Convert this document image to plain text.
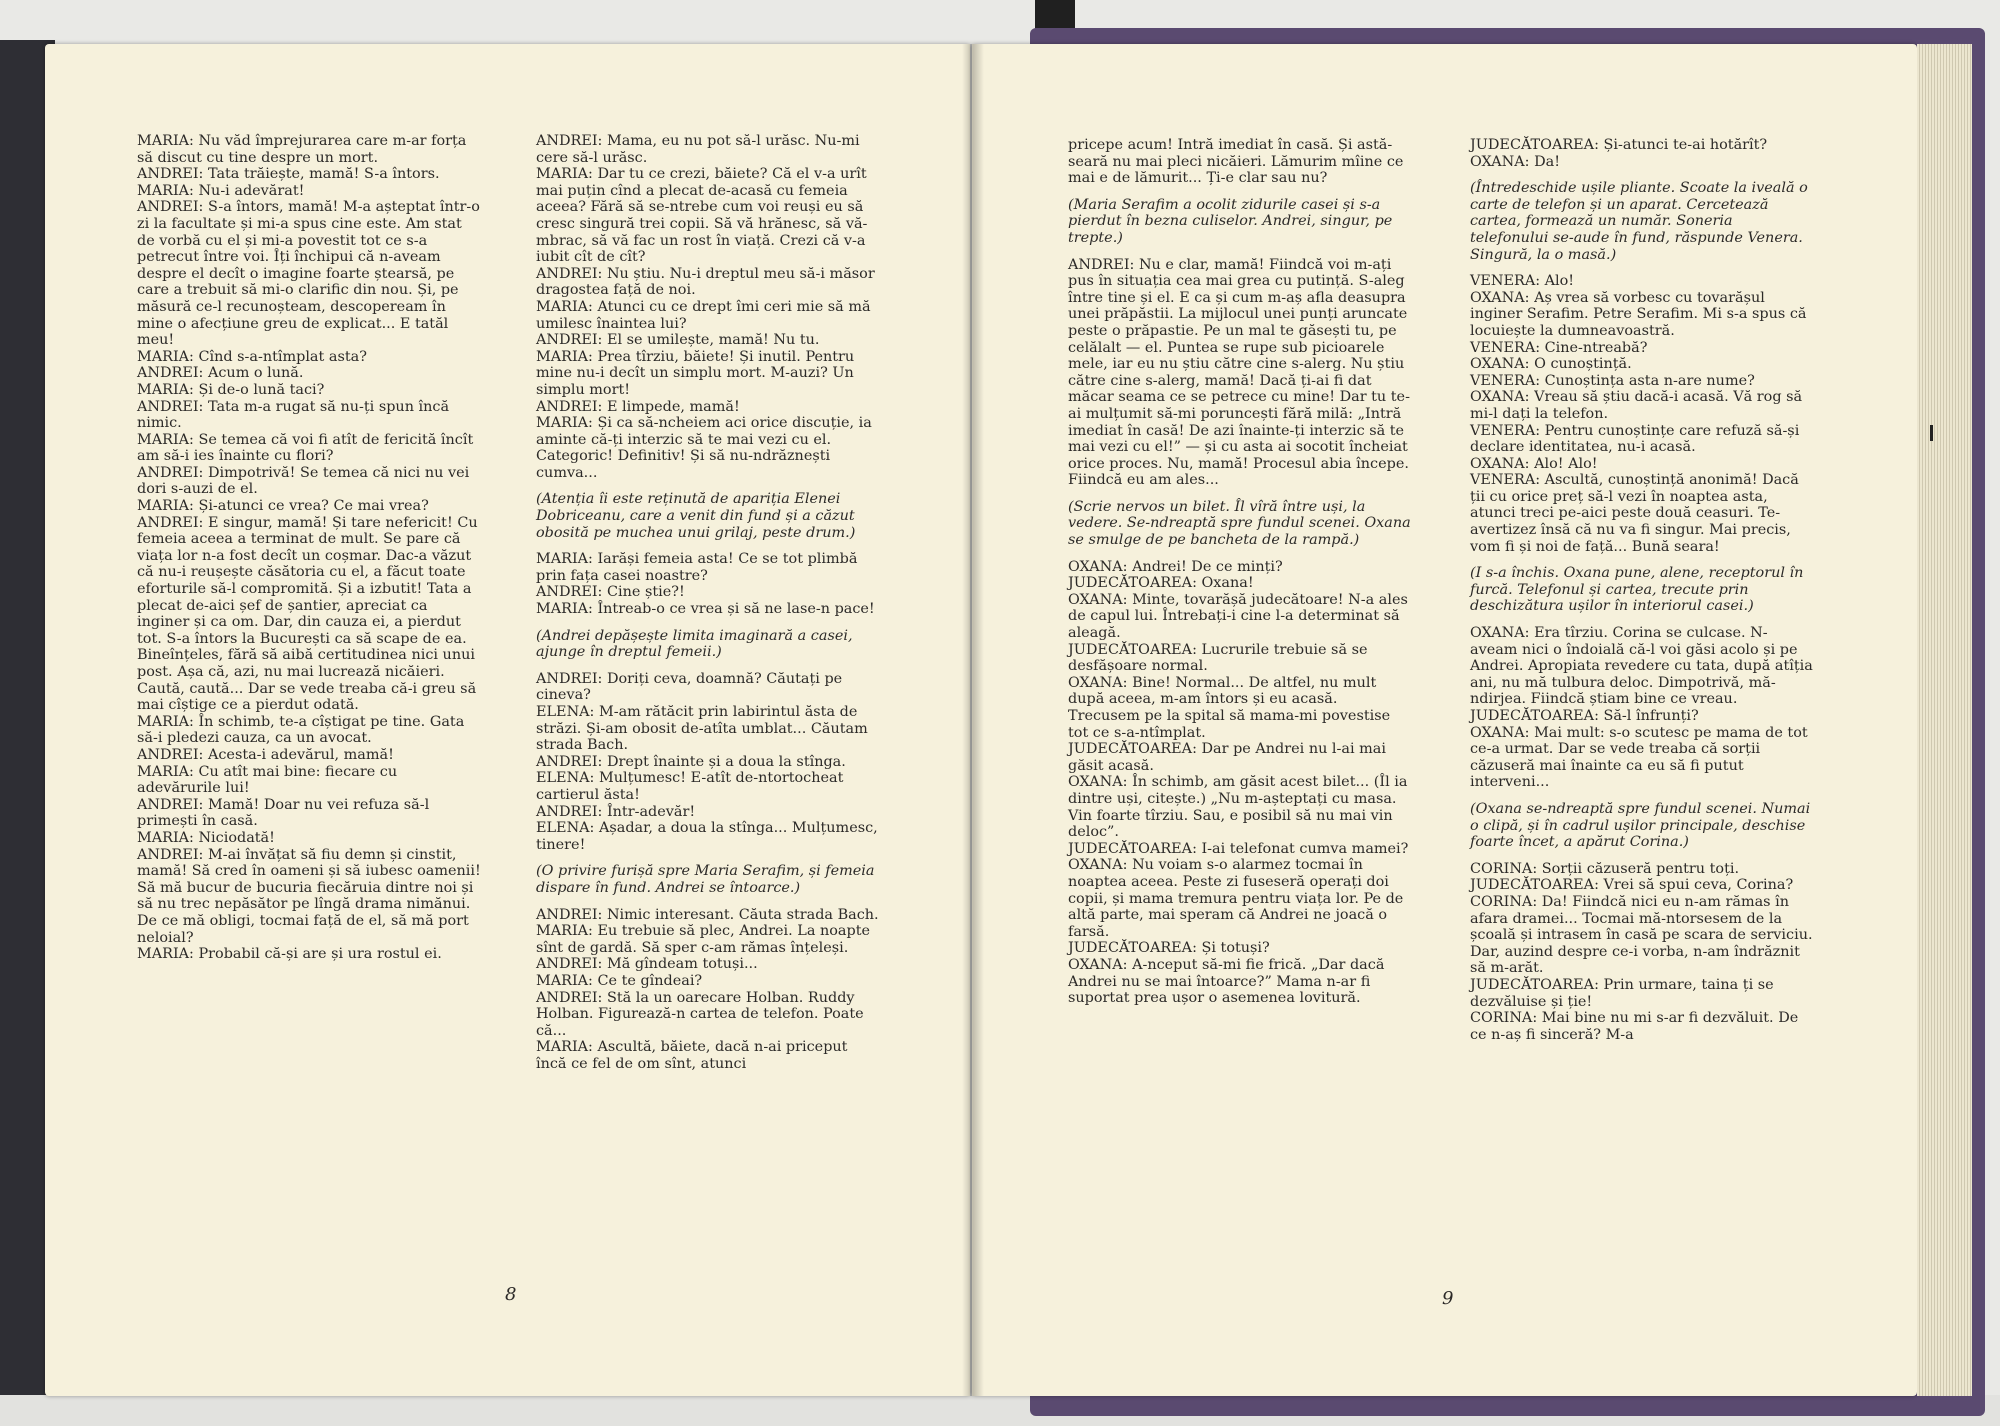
MARIA: Nu văd împrejurarea care m-ar forța să discut cu tine despre un mort.

ANDREI: Tata trăiește, mamă! S-a întors.

MARIA: Nu-i adevărat!

ANDREI: S-a întors, mamă! M-a așteptat într-o zi la facultate și mi-a spus cine este. Am stat de vorbă cu el și mi-a povestit tot ce s-a petrecut între voi. Îți închipui că n-aveam despre el decît o imagine foarte ștearsă, pe care a trebuit să mi-o clarific din nou. Și, pe măsură ce-l recunoșteam, descopeream în mine o afecțiune greu de explicat... E tatăl meu!

MARIA: Cînd s-a-ntîmplat asta?

ANDREI: Acum o lună.

MARIA: Și de-o lună taci?

ANDREI: Tata m-a rugat să nu-ți spun încă nimic.

MARIA: Se temea că voi fi atît de fericită încît am să-i ies înainte cu flori?

ANDREI: Dimpotrivă! Se temea că nici nu vei dori s-auzi de el.

MARIA: Și-atunci ce vrea? Ce mai vrea?

ANDREI: E singur, mamă! Și tare nefericit! Cu femeia aceea a terminat de mult. Se pare că viața lor n-a fost decît un coșmar. Dac-a văzut că nu-i reușește căsătoria cu el, a făcut toate eforturile să-l compromită. Și a izbutit! Tata a plecat de-aici șef de șantier, apreciat ca inginer și ca om. Dar, din cauza ei, a pierdut tot. S-a întors la București ca să scape de ea. Bineînțeles, fără să aibă certitudinea nici unui post. Așa că, azi, nu mai lucrează nicăieri. Caută, caută... Dar se vede treaba că-i greu să mai cîștige ce a pierdut odată.

MARIA: În schimb, te-a cîștigat pe tine. Gata să-i pledezi cauza, ca un avocat.

ANDREI: Acesta-i adevărul, mamă!

MARIA: Cu atît mai bine: fiecare cu adevărurile lui!

ANDREI: Mamă! Doar nu vei refuza să-l primești în casă.

MARIA: Niciodată!

ANDREI: M-ai învățat să fiu demn și cinstit, mamă! Să cred în oameni și să iubesc oamenii! Să mă bucur de bucuria fiecăruia dintre noi și să nu trec nepăsător pe lîngă drama nimănui. De ce mă obligi, tocmai față de el, să mă port neloial?

MARIA: Probabil că-și are și ura rostul ei.

ANDREI: Mama, eu nu pot să-l urăsc. Nu-mi cere să-l urăsc.

MARIA: Dar tu ce crezi, băiete? Că el v-a urît mai puțin cînd a plecat de-acasă cu femeia aceea? Fără să se-ntrebe cum voi reuși eu să cresc singură trei copii. Să vă hrănesc, să vă-mbrac, să vă fac un rost în viață. Crezi că v-a iubit cît de cît?

ANDREI: Nu știu. Nu-i dreptul meu să-i măsor dragostea față de noi.

MARIA: Atunci cu ce drept îmi ceri mie să mă umilesc înaintea lui?

ANDREI: El se umilește, mamă! Nu tu.

MARIA: Prea tîrziu, băiete! Și inutil. Pentru mine nu-i decît un simplu mort. M-auzi? Un simplu mort!

ANDREI: E limpede, mamă!

MARIA: Și ca să-ncheiem aci orice discuție, ia aminte că-ți interzic să te mai vezi cu el. Categoric! Definitiv! Și să nu-ndrăznești cumva...

(Atenția îi este reținută de apariția Elenei Dobriceanu, care a venit din fund și a căzut obosită pe muchea unui grilaj, peste drum.)

MARIA: Iarăși femeia asta! Ce se tot plimbă prin fața casei noastre?

ANDREI: Cine știe?!

MARIA: Întreab-o ce vrea și să ne lase-n pace!

(Andrei depășește limita imaginară a casei, ajunge în dreptul femeii.)

ANDREI: Doriți ceva, doamnă? Căutați pe cineva?

ELENA: M-am rătăcit prin labirintul ăsta de străzi. Și-am obosit de-atîta umblat... Căutam strada Bach.

ANDREI: Drept înainte și a doua la stînga.

ELENA: Mulțumesc! E-atît de-ntortocheat cartierul ăsta!

ANDREI: Într-adevăr!

ELENA: Așadar, a doua la stînga... Mulțumesc, tinere!

(O privire furișă spre Maria Serafim, și femeia dispare în fund. Andrei se întoarce.)

ANDREI: Nimic interesant. Căuta strada Bach.

MARIA: Eu trebuie să plec, Andrei. La noapte sînt de gardă. Să sper c-am rămas înțeleși.

ANDREI: Mă gîndeam totuși...

MARIA: Ce te gîndeai?

ANDREI: Stă la un oarecare Holban. Ruddy Holban. Figurează-n cartea de telefon. Poate că...

MARIA: Ascultă, băiete, dacă n-ai priceput încă ce fel de om sînt, atunci

pricepe acum! Intră imediat în casă. Și astă-seară nu mai pleci nicăieri. Lămurim mîine ce mai e de lămurit... Ți-e clar sau nu?

(Maria Serafim a ocolit zidurile casei și s-a pierdut în bezna culiselor. Andrei, singur, pe trepte.)

ANDREI: Nu e clar, mamă! Fiindcă voi m-ați pus în situația cea mai grea cu putință. S-aleg între tine și el. E ca și cum m-aș afla deasupra unei prăpăstii. La mijlocul unei punți aruncate peste o prăpastie. Pe un mal te găsești tu, pe celălalt — el. Puntea se rupe sub picioarele mele, iar eu nu știu către cine s-alerg. Nu știu către cine s-alerg, mamă! Dacă ți-ai fi dat măcar seama ce se petrece cu mine! Dar tu te-ai mulțumit să-mi poruncești fără milă: „Intră imediat în casă! De azi înainte-ți interzic să te mai vezi cu el!” — și cu asta ai socotit încheiat orice proces. Nu, mamă! Procesul abia începe. Fiindcă eu am ales...

(Scrie nervos un bilet. Îl vîră între uși, la vedere. Se-ndreaptă spre fundul scenei. Oxana se smulge de pe bancheta de la rampă.)

OXANA: Andrei! De ce minți?

JUDECĂTOAREA: Oxana!

OXANA: Minte, tovarășă judecătoare! N-a ales de capul lui. Întrebați-i cine l-a determinat să aleagă.

JUDECĂTOAREA: Lucrurile trebuie să se desfășoare normal.

OXANA: Bine! Normal... De altfel, nu mult după aceea, m-am întors și eu acasă. Trecusem pe la spital să mama-mi povestise tot ce s-a-ntîmplat.

JUDECĂTOAREA: Dar pe Andrei nu l-ai mai găsit acasă.

OXANA: În schimb, am găsit acest bilet... (Îl ia dintre uși, citește.) „Nu m-așteptați cu masa. Vin foarte tîrziu. Sau, e posibil să nu mai vin deloc”.

JUDECĂTOAREA: I-ai telefonat cumva mamei?

OXANA: Nu voiam s-o alarmez tocmai în noaptea aceea. Peste zi fuseseră operați doi copii, și mama tremura pentru viața lor. Pe de altă parte, mai speram că Andrei ne joacă o farsă.

JUDECĂTOAREA: Și totuși?

OXANA: A-nceput să-mi fie frică. „Dar dacă Andrei nu se mai întoarce?” Mama n-ar fi suportat prea ușor o asemenea lovitură.

JUDECĂTOAREA: Și-atunci te-ai hotărît?

OXANA: Da!

(Întredeschide ușile pliante. Scoate la iveală o carte de telefon și un aparat. Cercetează cartea, formează un număr. Soneria telefonului se-aude în fund, răspunde Venera. Singură, la o masă.)

VENERA: Alo!

OXANA: Aș vrea să vorbesc cu tovarășul inginer Serafim. Petre Serafim. Mi s-a spus că locuiește la dumneavoastră.

VENERA: Cine-ntreabă?

OXANA: O cunoștință.

VENERA: Cunoștința asta n-are nume?

OXANA: Vreau să știu dacă-i acasă. Vă rog să mi-l dați la telefon.

VENERA: Pentru cunoștințe care refuză să-și declare identitatea, nu-i acasă.

OXANA: Alo! Alo!

VENERA: Ascultă, cunoștință anonimă! Dacă ții cu orice preț să-l vezi în noaptea asta, atunci treci pe-aici peste două ceasuri. Te-avertizez însă că nu va fi singur. Mai precis, vom fi și noi de față... Bună seara!

(I s-a închis. Oxana pune, alene, receptorul în furcă. Telefonul și cartea, trecute prin deschizătura ușilor în interiorul casei.)

OXANA: Era tîrziu. Corina se culcase. N-aveam nici o îndoială că-l voi găsi acolo și pe Andrei. Apropiata revedere cu tata, după atîția ani, nu mă tulbura deloc. Dimpotrivă, mă-ndirjea. Fiindcă știam bine ce vreau.

JUDECĂTOAREA: Să-l înfrunți?

OXANA: Mai mult: s-o scutesc pe mama de tot ce-a urmat. Dar se vede treaba că sorții căzuseră mai înainte ca eu să fi putut interveni...

(Oxana se-ndreaptă spre fundul scenei. Numai o clipă, și în cadrul ușilor principale, deschise foarte încet, a apărut Corina.)

CORINA: Sorții căzuseră pentru toți.

JUDECĂTOAREA: Vrei să spui ceva, Corina?

CORINA: Da! Fiindcă nici eu n-am rămas în afara dramei... Tocmai mă-ntorsesem de la școală și intrasem în casă pe scara de serviciu. Dar, auzind despre ce-i vorba, n-am îndrăznit să m-arăt.

JUDECĂTOAREA: Prin urmare, taina ți se dezvăluise și ție!

CORINA: Mai bine nu mi s-ar fi dezvăluit. De ce n-aș fi sinceră? M-a

8	9
